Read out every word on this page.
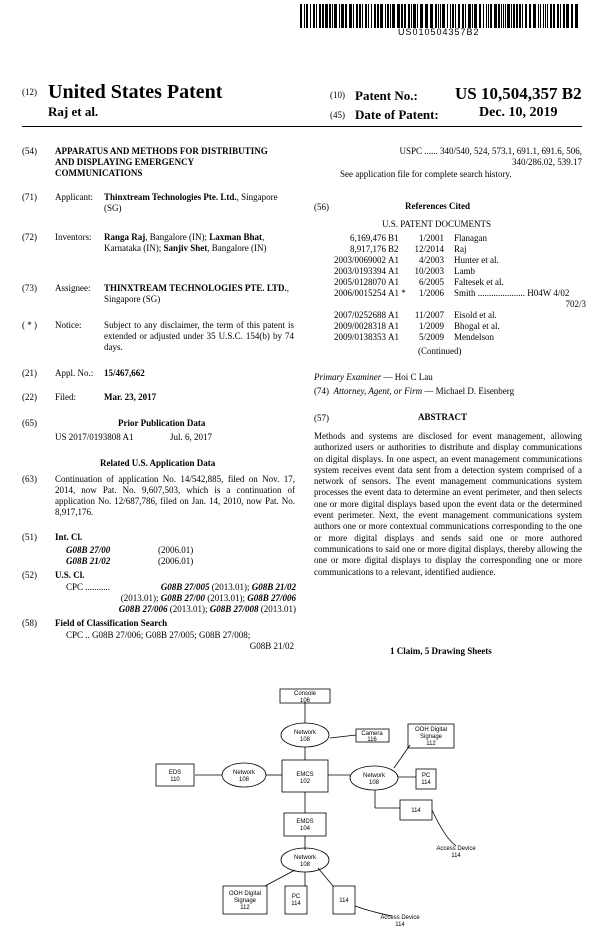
US010504357B2
(12) United States Patent
Raj et al.
(10) Patent No.: US 10,504,357 B2
(45) Date of Patent:	Dec. 10, 2019
(54) APPARATUS AND METHODS FOR DISTRIBUTING AND DISPLAYING EMERGENCY COMMUNICATIONS
(71) Applicant: Thinxtream Technologies Pte. Ltd., Singapore (SG)
(72) Inventors: Ranga Raj, Bangalore (IN); Laxman Bhat, Karnataka (IN); Sanjiv Shet, Bangalore (IN)
(73) Assignee: THINXTREAM TECHNOLOGIES PTE. LTD., Singapore (SG)
( * ) Notice:	Subject to any disclaimer, the term of this patent is extended or adjusted under 35 U.S.C. 154(b) by 74 days.
(21) Appl. No.: 15/467,662
(22) Filed:	Mar. 23, 2017
(65)	Prior Publication Data
US 2017/0193808 A1	Jul. 6, 2017
Related U.S. Application Data
(63) Continuation of application No. 14/542,885, filed on Nov. 17, 2014, now Pat. No. 9,607,503, which is a continuation of application No. 12/687,786, filed on Jan. 14, 2010, now Pat. No. 8,917,176.
(51) Int. Cl.
G08B 27/00	(2006.01)
G08B 21/02	(2006.01)
(52) U.S. Cl.
CPC ...........	G08B 27/005 (2013.01); G08B 21/02
(2013.01); G08B 27/00 (2013.01); G08B 27/006
G08B 27/006 (2013.01); G08B 27/008 (2013.01)
(58) Field of Classification Search
CPC .. G08B 27/006; G08B 27/005; G08B 27/008;
G08B 21/02
USPC ...... 340/540, 524, 573.1, 691.1, 691.6, 506,
340/286.02, 539.17
See application file for complete search history.
(56)	References Cited
U.S. PATENT DOCUMENTS
6,169,476 B1 1/2001 Flanagan
8,917,176 B2 12/2014 Raj
2003/0069002 A1 4/2003 Hunter et al.
2003/0193394 A1 10/2003 Lamb
2005/0128070 A1 6/2005 Faltesek et al.
2006/0015254 A1 * 1/2006 Smith ..................... H04W 4/02
702/3
2007/0252688 A1 11/2007 Eisold et al.
2009/0028318 A1 1/2009 Bhogal et al.
2009/0138353 A1 5/2009 Mendelson
(Continued)
Primary Examiner — Hoi C Lau
(74) Attorney, Agent, or Firm — Michael D. Eisenberg
(57)	ABSTRACT
Methods and systems are disclosed for event management, allowing authorized users or authorities to distribute and display communications on digital displays. In one aspect, an event management communications system receives event data sent from a detection system comprised of a network of sensors. The event management communications system processes the event data to determine an event perimeter, and then selects one or more digital displays based upon the event data or the determined event perimeter. Next, the event management communications system authors one or more contextual communications corresponding to the one or more digital displays and sends said one or more authored communications to said one or more digital displays, thereby allowing the one or more digital displays to display the corresponding one or more communications to a relevant, identified audience.
1 Claim, 5 Drawing Sheets
Console
106
Network
108
Camera
116
OOH Digital
Signage
112
EDS
110
Network
108
EMCS
102
Network
108
PC
114
114
EMDS
104
Access Device
114
Network
108
OOH Digital
Signage
112
PC
114	114
Access Device
114
